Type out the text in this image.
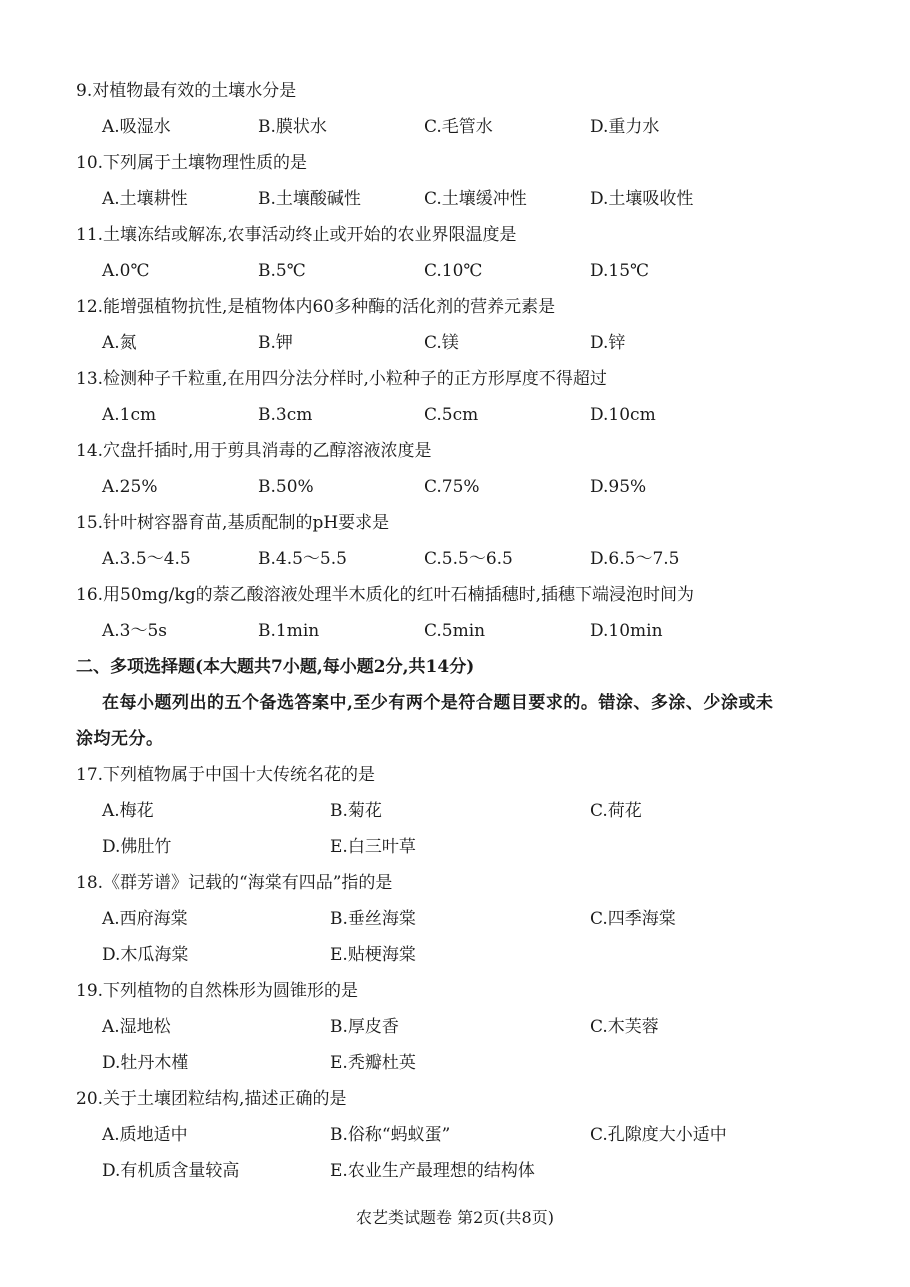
9.对植物最有效的土壤水分是
A.吸湿水	B.膜状水	C.毛管水	D.重力水
10.下列属于土壤物理性质的是
A.土壤耕性	B.土壤酸碱性	C.土壤缓冲性	D.土壤吸收性
11.土壤冻结或解冻,农事活动终止或开始的农业界限温度是
A.0℃	B.5℃	C.10℃	D.15℃
12.能增强植物抗性,是植物体内60多种酶的活化剂的营养元素是
A.氮	B.钾	C.镁	D.锌
13.检测种子千粒重,在用四分法分样时,小粒种子的正方形厚度不得超过
A.1cm	B.3cm	C.5cm	D.10cm
14.穴盘扦插时,用于剪具消毒的乙醇溶液浓度是
A.25%	B.50%	C.75%	D.95%
15.针叶树容器育苗,基质配制的pH要求是
A.3.5～4.5	B.4.5～5.5	C.5.5～6.5	D.6.5～7.5
16.用50mg/kg的萘乙酸溶液处理半木质化的红叶石楠插穗时,插穗下端浸泡时间为
A.3～5s	B.1min	C.5min	D.10min
二、多项选择题(本大题共7小题,每小题2分,共14分)
在每小题列出的五个备选答案中,至少有两个是符合题目要求的。错涂、多涂、少涂或未
涂均无分。
17.下列植物属于中国十大传统名花的是
A.梅花	B.菊花	C.荷花
D.佛肚竹	E.白三叶草
18.《群芳谱》记载的“海棠有四品”指的是
A.西府海棠	B.垂丝海棠	C.四季海棠
D.木瓜海棠	E.贴梗海棠
19.下列植物的自然株形为圆锥形的是
A.湿地松	B.厚皮香	C.木芙蓉
D.牡丹木槿	E.秃瓣杜英
20.关于土壤团粒结构,描述正确的是
A.质地适中	B.俗称“蚂蚁蛋”	C.孔隙度大小适中
D.有机质含量较高	E.农业生产最理想的结构体
农艺类试题卷 第2页(共8页)
